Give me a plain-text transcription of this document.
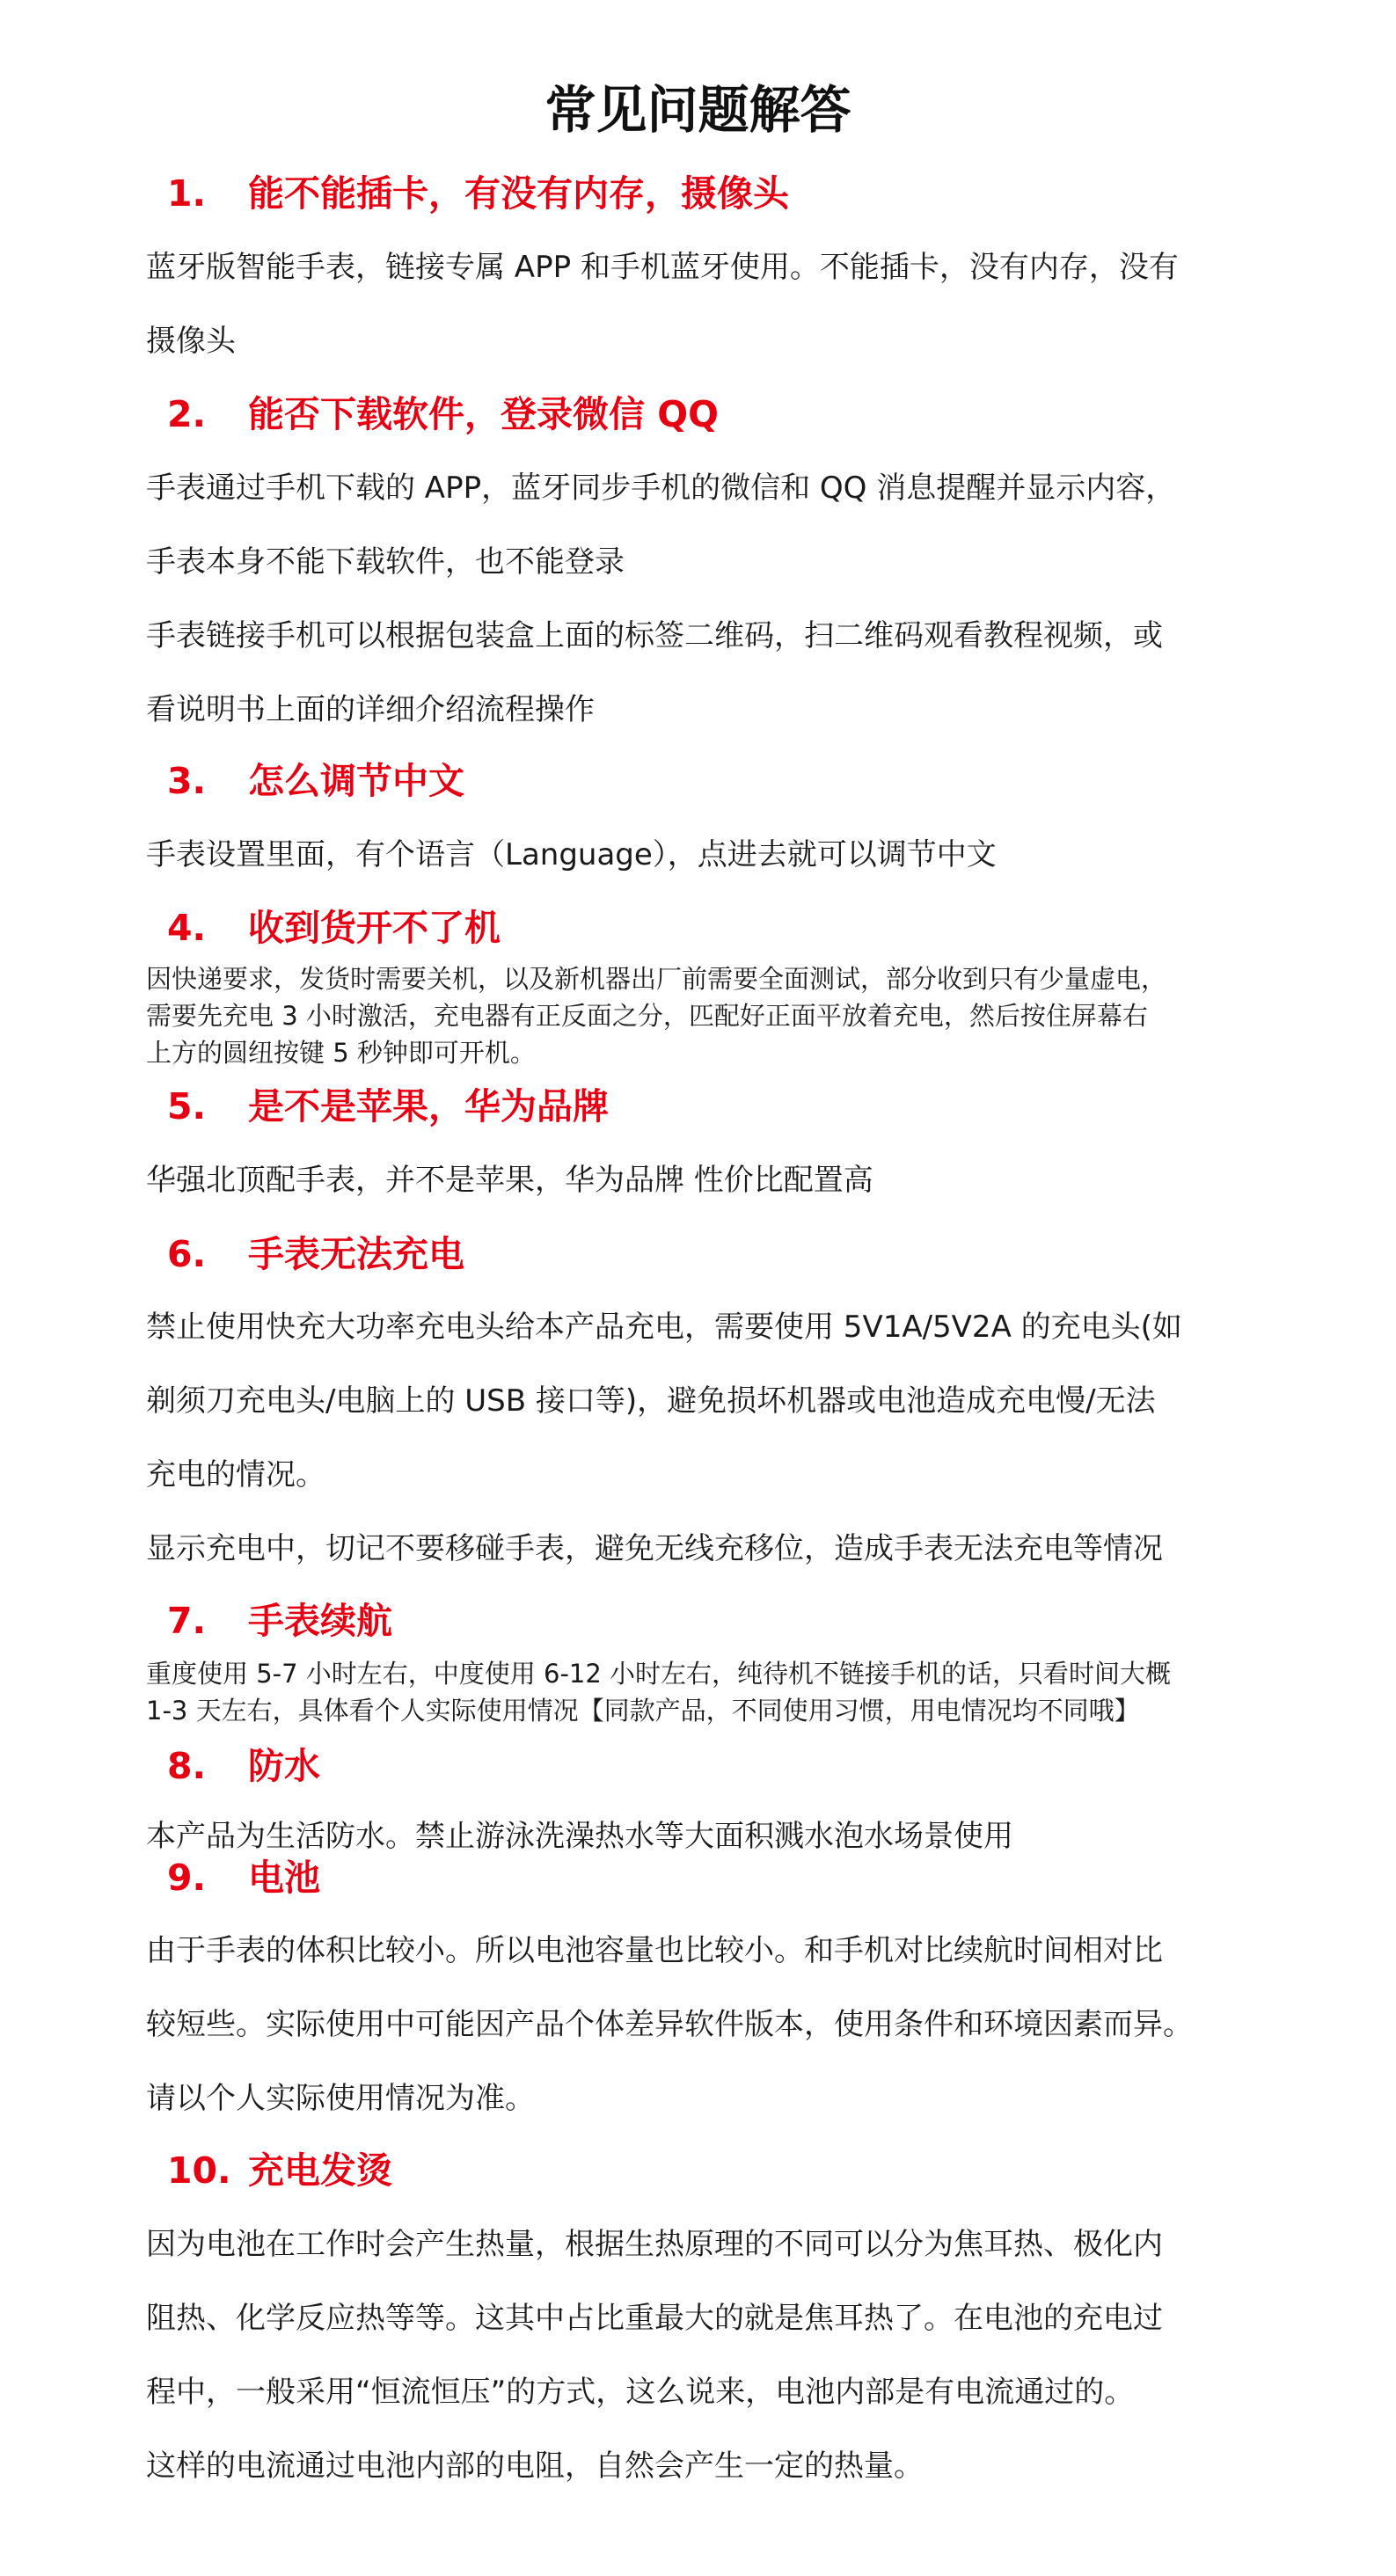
常见问题解答
1. 能不能插卡，有没有内存，摄像头
蓝牙版智能手表，链接专属 APP 和手机蓝牙使用。不能插卡，没有内存，没有
摄像头
2. 能否下载软件，登录微信 QQ
手表通过手机下载的 APP，蓝牙同步手机的微信和 QQ 消息提醒并显示内容，
手表本身不能下载软件，也不能登录
手表链接手机可以根据包装盒上面的标签二维码，扫二维码观看教程视频，或
看说明书上面的详细介绍流程操作
3. 怎么调节中文
手表设置里面，有个语言（Language），点进去就可以调节中文
4. 收到货开不了机
因快递要求，发货时需要关机，以及新机器出厂前需要全面测试，部分收到只有少量虚电，
需要先充电 3 小时激活，充电器有正反面之分，匹配好正面平放着充电，然后按住屏幕右
上方的圆纽按键 5 秒钟即可开机。
5. 是不是苹果，华为品牌
华强北顶配手表，并不是苹果，华为品牌 性价比配置高
6. 手表无法充电
禁止使用快充大功率充电头给本产品充电，需要使用 5V1A/5V2A 的充电头(如
剃须刀充电头/电脑上的 USB 接口等)，避免损坏机器或电池造成充电慢/无法
充电的情况。
显示充电中，切记不要移碰手表，避免无线充移位，造成手表无法充电等情况
7. 手表续航
重度使用 5-7 小时左右，中度使用 6-12 小时左右，纯待机不链接手机的话，只看时间大概
1-3 天左右，具体看个人实际使用情况【同款产品，不同使用习惯，用电情况均不同哦】
8. 防水
本产品为生活防水。禁止游泳洗澡热水等大面积溅水泡水场景使用
9. 电池
由于手表的体积比较小。所以电池容量也比较小。和手机对比续航时间相对比
较短些。实际使用中可能因产品个体差异软件版本，使用条件和环境因素而异。
请以个人实际使用情况为准。
10. 充电发烫
因为电池在工作时会产生热量，根据生热原理的不同可以分为焦耳热、极化内
阻热、化学反应热等等。这其中占比重最大的就是焦耳热了。在电池的充电过
程中，一般采用“恒流恒压”的方式，这么说来，电池内部是有电流通过的。
这样的电流通过电池内部的电阻，自然会产生一定的热量。
